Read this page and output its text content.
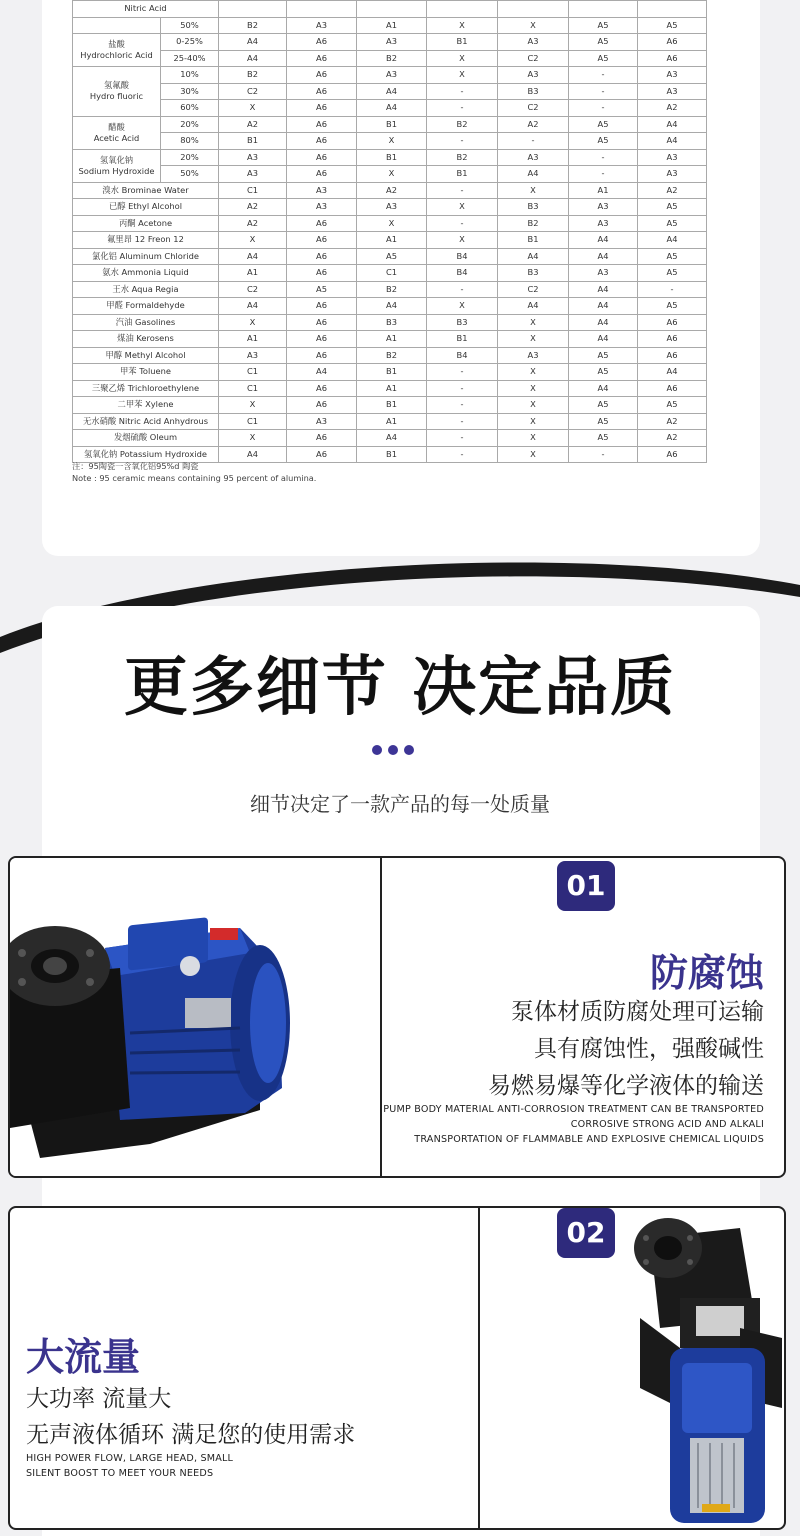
Nitric Acid								
	50%	B2	A3	A1	X	X	A5	A5
盐酸
Hydrochloric Acid	0-25%	A4	A6	A3	B1	A3	A5	A6
	25-40%	A4	A6	B2	X	C2	A5	A6
氢氟酸
Hydro fluoric	10%	B2	A6	A3	X	A3	-	A3
	30%	C2	A6	A4	-	B3	-	A3
	60%	X	A6	A4	-	C2	-	A2
醋酸
Acetic Acid	20%	A2	A6	B1	B2	A2	A5	A4
	80%	B1	A6	X	-	-	A5	A4
氢氧化钠
Sodium Hydroxide	20%	A3	A6	B1	B2	A3	-	A3
	50%	A3	A6	X	B1	A4	-	A3
溴水 Brominae Water		C1	A3	A2	-	X	A1	A2
已醇 Ethyl Alcohol		A2	A3	A3	X	B3	A3	A5
丙酮 Acetone		A2	A6	X	-	B2	A3	A5
氟里昂 12 Freon 12		X	A6	A1	X	B1	A4	A4
氯化铝 Aluminum Chloride		A4	A6	A5	B4	A4	A4	A5
氨水 Ammonia Liquid		A1	A6	C1	B4	B3	A3	A5
王水 Aqua Regia		C2	A5	B2	-	C2	A4	-
甲醛 Formaldehyde		A4	A6	A4	X	A4	A4	A5
汽油 Gasolines		X	A6	B3	B3	X	A4	A6
煤油 Kerosens		A1	A6	A1	B1	X	A4	A6
甲醇 Methyl Alcohol		A3	A6	B2	B4	A3	A5	A6
甲苯 Toluene		C1	A4	B1	-	X	A5	A4
三聚乙烯 Trichloroethylene		C1	A6	A1	-	X	A4	A6
二甲苯 Xylene		X	A6	B1	-	X	A5	A5
无水硝酸 Nitric Acid Anhydrous		C1	A3	A1	-	X	A5	A2
发烟硫酸 Oleum		X	A6	A4	-	X	A5	A2
氢氧化钠 Potassium Hydroxide		A4	A6	B1	-	X	-	A6
注：95陶瓷一含氧化铝95%d 陶瓷
Note : 95 ceramic means containing 95 percent of alumina.
更多细节 决定品质
细节决定了一款产品的每一处质量
01
防腐蚀
泵体材质防腐处理可运输
具有腐蚀性，强酸碱性
易燃易爆等化学液体的输送
PUMP BODY MATERIAL ANTI-CORROSION TREATMENT CAN BE TRANSPORTED
CORROSIVE STRONG ACID AND ALKALI
TRANSPORTATION OF FLAMMABLE AND EXPLOSIVE CHEMICAL LIQUIDS
大流量
大功率 流量大
无声液体循环 满足您的使用需求
HIGH POWER FLOW, LARGE HEAD, SMALL
SILENT BOOST TO MEET YOUR NEEDS
02
